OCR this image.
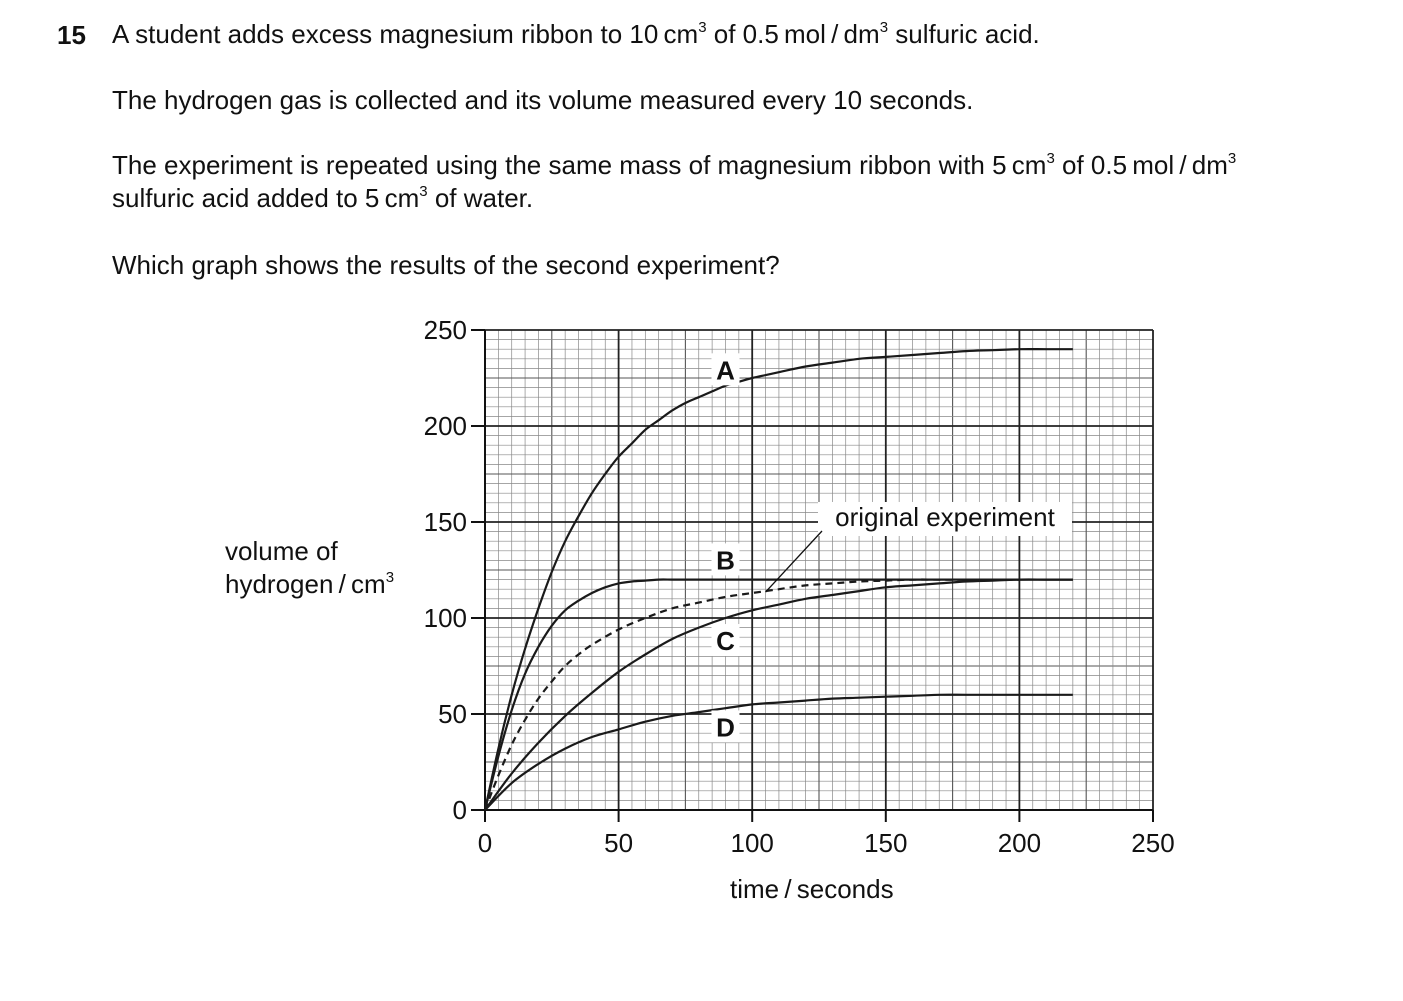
15 A student adds excess magnesium ribbon to 10 $cm^3$ of 0.5 mol / $dm^3$ sulfuric acid.
The hydrogen gas is collected and its volume measured every 10 seconds.
The experiment is repeated using the same mass of magnesium ribbon with 5 $cm^3$ of 0.5 mol / $dm^3$
sulfuric acid added to 5 $cm^3$ of water.
Which graph shows the results of the second experiment?
volume of
hydrogen / $cm^3$
time / seconds
0
50
100
150
200
250
0	50	100	150	200	250
A
B
C
D
original experiment
